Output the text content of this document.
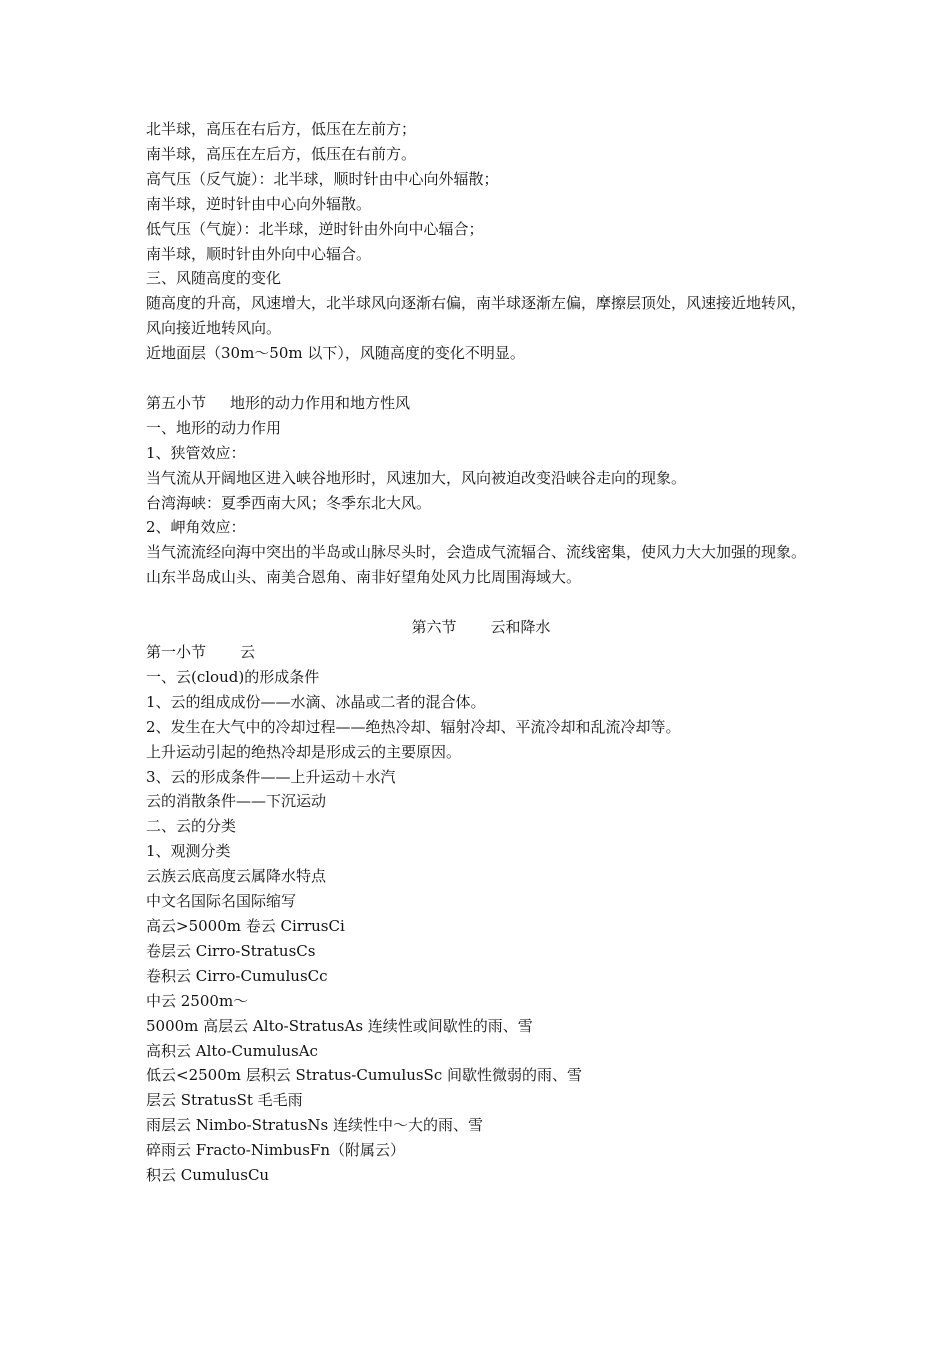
北半球，高压在右后方，低压在左前方；

南半球，高压在左后方，低压在右前方。

高气压（反气旋）：北半球，顺时针由中心向外辐散；

南半球，逆时针由中心向外辐散。

低气压（气旋）：北半球，逆时针由外向中心辐合；

南半球，顺时针由外向中心辐合。

三、风随高度的变化

随高度的升高，风速增大，北半球风向逐渐右偏，南半球逐渐左偏，摩擦层顶处，风速接近地转风，风向接近地转风向。

近地面层（30m～50m 以下），风随高度的变化不明显。

第五小节 地形的动力作用和地方性风

一、地形的动力作用

1、狭管效应：

当气流从开阔地区进入峡谷地形时，风速加大，风向被迫改变沿峡谷走向的现象。

台湾海峡：夏季西南大风；冬季东北大风。

2、岬角效应：

当气流流经向海中突出的半岛或山脉尽头时，会造成气流辐合、流线密集，使风力大大加强的现象。

山东半岛成山头、南美合恩角、南非好望角处风力比周围海域大。

第六节 云和降水

第一小节 云

一、云(cloud)的形成条件

1、云的组成成份——水滴、冰晶或二者的混合体。

2、发生在大气中的冷却过程——绝热冷却、辐射冷却、平流冷却和乱流冷却等。

上升运动引起的绝热冷却是形成云的主要原因。

3、云的形成条件——上升运动＋水汽

云的消散条件——下沉运动

二、云的分类

1、观测分类

云族云底高度云属降水特点

中文名国际名国际缩写

高云>5000m 卷云 CirrusCi

卷层云 Cirro-StratusCs

卷积云 Cirro-CumulusCc

中云 2500m～

5000m 高层云 Alto-StratusAs 连续性或间歇性的雨、雪

高积云 Alto-CumulusAc

低云<2500m 层积云 Stratus-CumulusSc 间歇性微弱的雨、雪

层云 StratusSt 毛毛雨

雨层云 Nimbo-StratusNs 连续性中～大的雨、雪

碎雨云 Fracto-NimbusFn（附属云）

积云 CumulusCu
